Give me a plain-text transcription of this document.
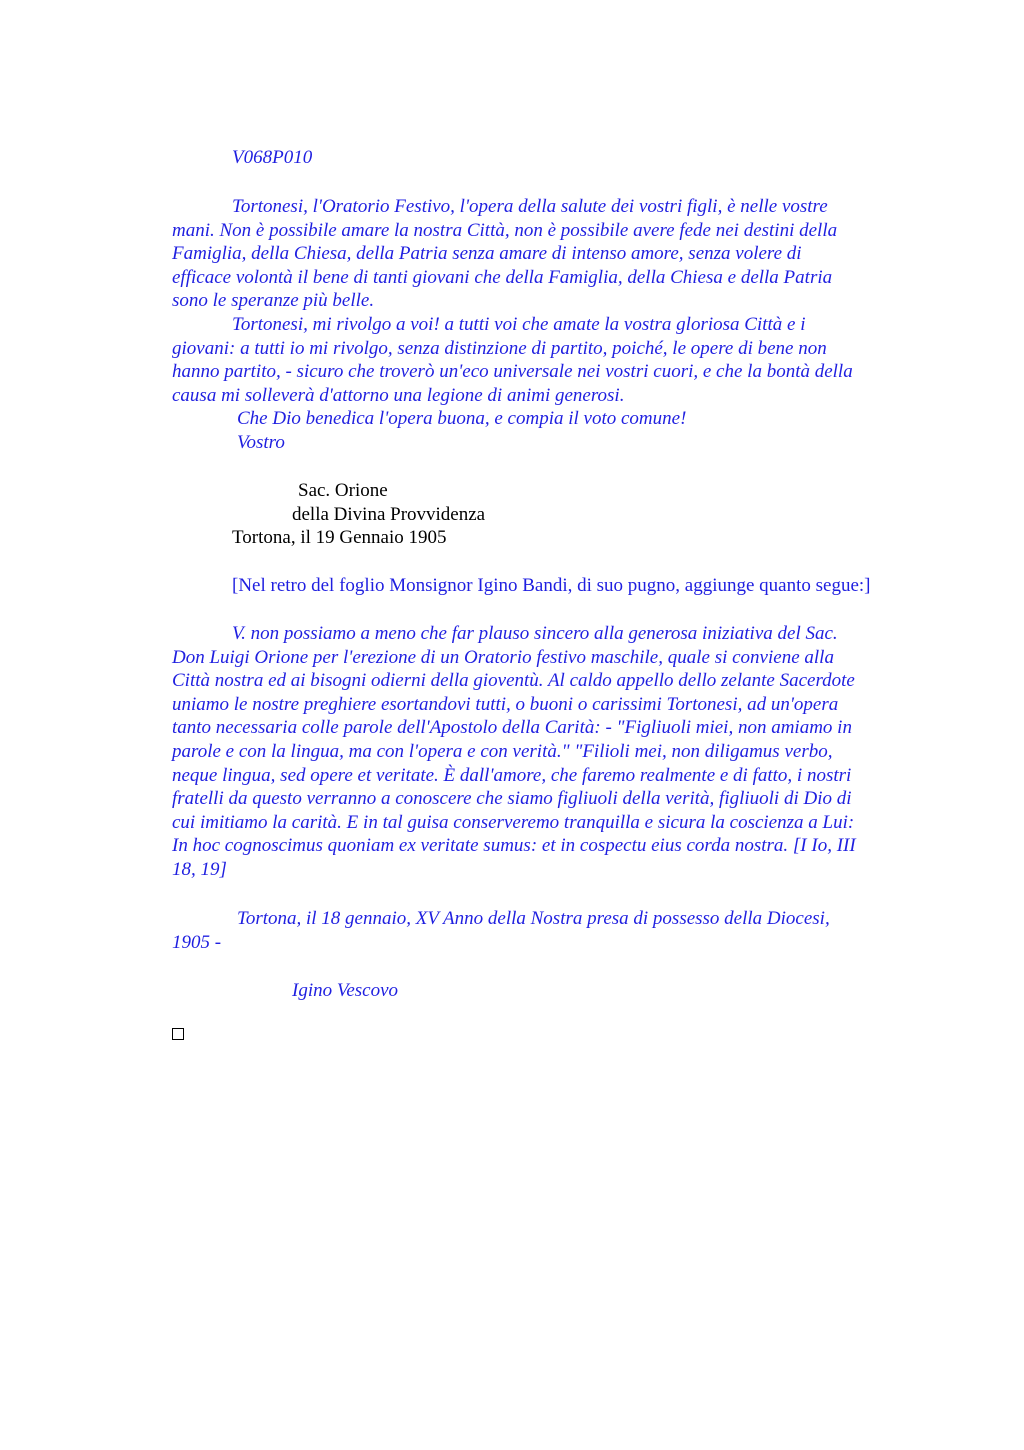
V068P010

Tortonesi, l'Oratorio Festivo, l'opera della salute dei vostri figli, è nelle vostre
mani. Non è possibile amare la nostra Città, non è possibile avere fede nei destini della
Famiglia, della Chiesa, della Patria senza amare di intenso amore, senza volere di
efficace volontà il bene di tanti giovani che della Famiglia, della Chiesa e della Patria
sono le speranze più belle.

Tortonesi, mi rivolgo a voi! a tutti voi che amate la vostra gloriosa Città e i
giovani: a tutti io mi rivolgo, senza distinzione di partito, poiché, le opere di bene non
hanno partito, - sicuro che troverò un'eco universale nei vostri cuori, e che la bontà della
causa mi solleverà d'attorno una legione di animi generosi.

Che Dio benedica l'opera buona, e compia il voto comune!
Vostro

Sac. Orione
della Divina Provvidenza
Tortona, il 19 Gennaio 1905

[Nel retro del foglio Monsignor Igino Bandi, di suo pugno, aggiunge quanto segue:]

V. non possiamo a meno che far plauso sincero alla generosa iniziativa del Sac.
Don Luigi Orione per l'erezione di un Oratorio festivo maschile, quale si conviene alla
Città nostra ed ai bisogni odierni della gioventù. Al caldo appello dello zelante Sacerdote
uniamo le nostre preghiere esortandovi tutti, o buoni o carissimi Tortonesi, ad un'opera
tanto necessaria colle parole dell'Apostolo della Carità: - "Figliuoli miei, non amiamo in
parole e con la lingua, ma con l'opera e con verità." "Filioli mei, non diligamus verbo,
neque lingua, sed opere et veritate. È dall'amore, che faremo realmente e di fatto, i nostri
fratelli da questo verranno a conoscere che siamo figliuoli della verità, figliuoli di Dio di
cui imitiamo la carità. E in tal guisa conserveremo tranquilla e sicura la coscienza a Lui:
In hoc cognoscimus quoniam ex veritate sumus: et in cospectu eius corda nostra. [I Io, III
18, 19]

Tortona, il 18 gennaio, XV Anno della Nostra presa di possesso della Diocesi,
1905 -

Igino Vescovo
